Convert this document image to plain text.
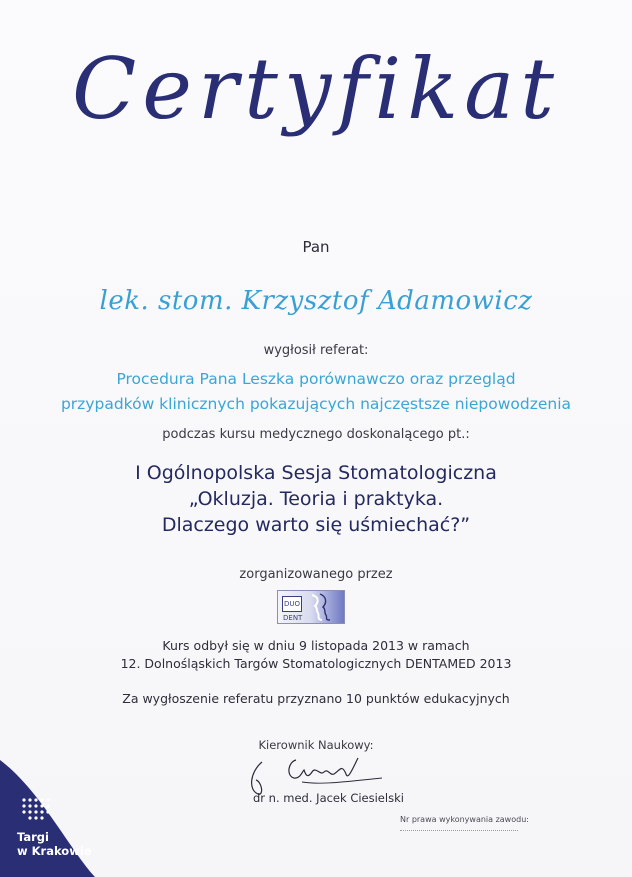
Targi
w Krakowie
Certyfikat
Pan
lek. stom. Krzysztof Adamowicz
wygłosił referat:
Procedura Pana Leszka porównawczo oraz przegląd
przypadków klinicznych pokazujących najczęstsze niepowodzenia
podczas kursu medycznego doskonalącego pt.:
I Ogólnopolska Sesja Stomatologiczna
„Okluzja. Teoria i praktyka.
Dlaczego warto się uśmiechać?”
zorganizowanego przez
DUO DENT
Kurs odbył się w dniu 9 listopada 2013 w ramach
12. Dolnośląskich Targów Stomatologicznych DENTAMED 2013
Za wygłoszenie referatu przyznano 10 punktów edukacyjnych
Kierownik Naukowy:
dr n. med. Jacek Ciesielski
Nr prawa wykonywania zawodu:
